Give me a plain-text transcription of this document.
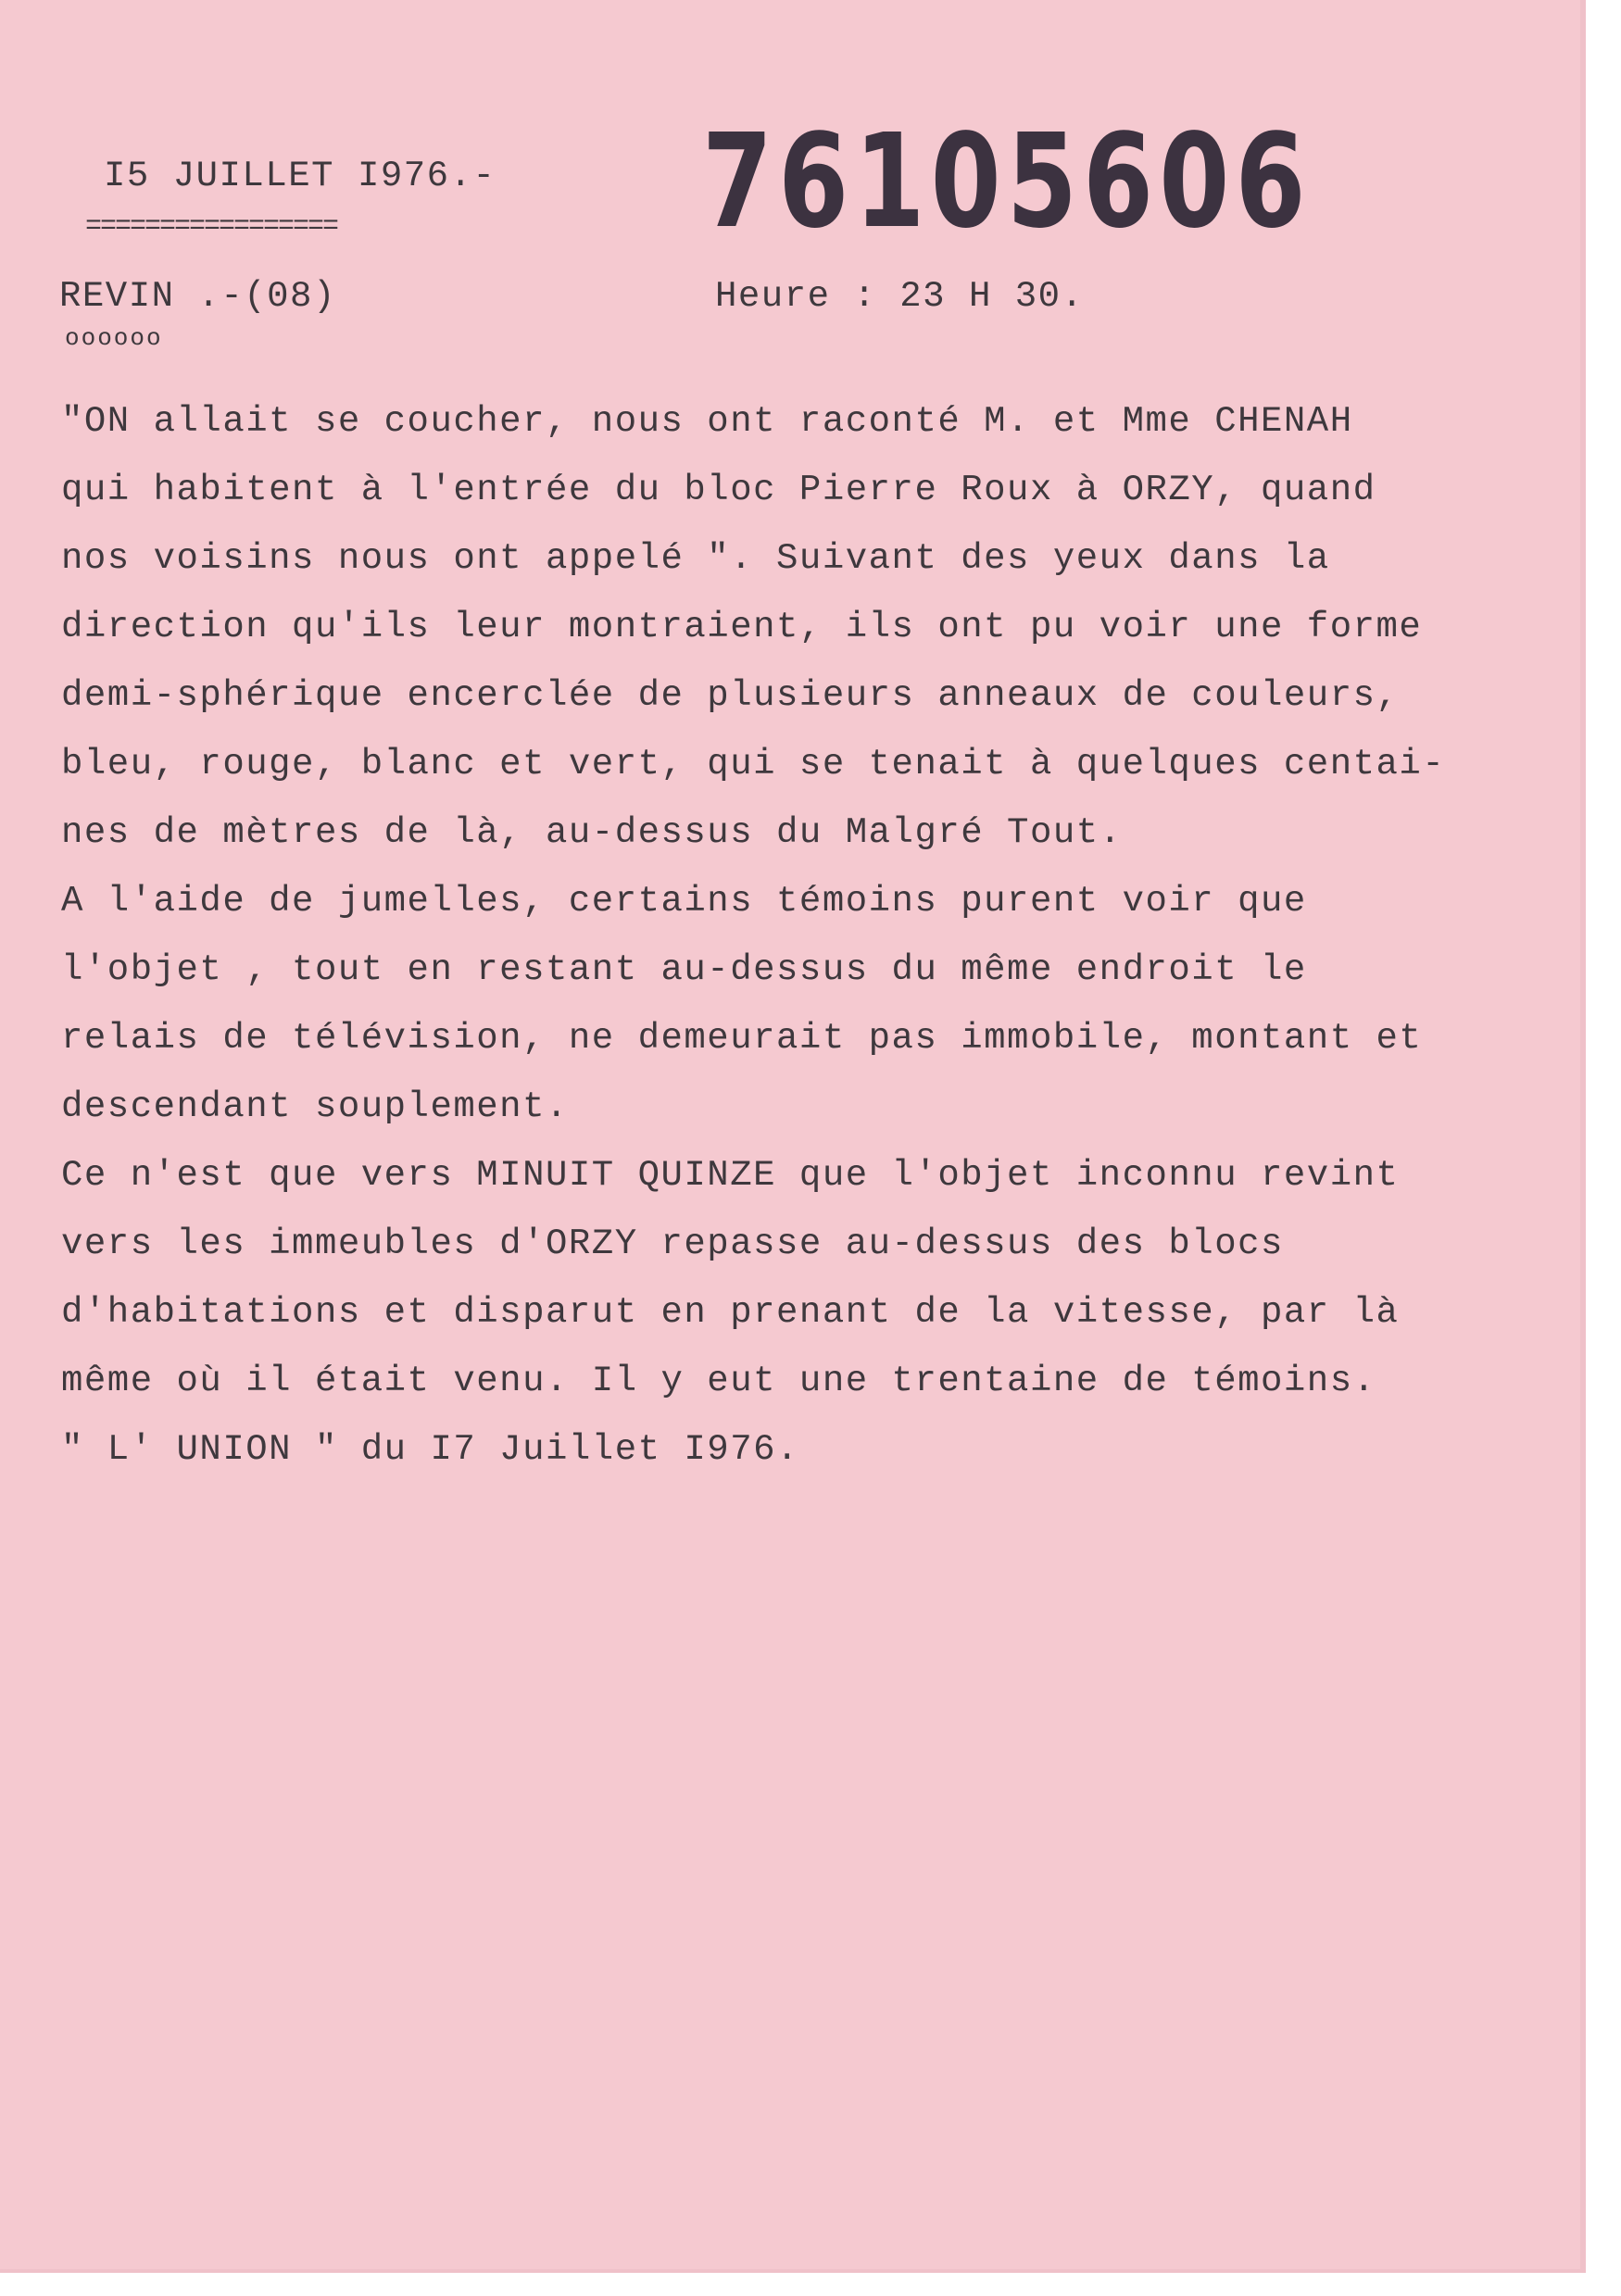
I5 JUILLET I976.-
=================	76105606
REVIN .-(08)
oooooo
Heure : 23 H 30.
"ON allait se coucher, nous ont raconté M. et Mme CHENAH
qui habitent à l'entrée du bloc Pierre Roux à ORZY, quand
nos voisins nous ont appelé ". Suivant des yeux dans la
direction qu'ils leur montraient, ils ont pu voir une forme
demi-sphérique encerclée de plusieurs anneaux de couleurs,
bleu, rouge, blanc et vert, qui se tenait à quelques centai-
nes de mètres de là, au-dessus du Malgré Tout.
A l'aide de jumelles, certains témoins purent voir que
l'objet , tout en restant au-dessus du même endroit le
relais de télévision, ne demeurait pas immobile, montant et
descendant souplement.
Ce n'est que vers MINUIT QUINZE que l'objet inconnu revint
vers les immeubles d'ORZY repasse au-dessus des blocs
d'habitations et disparut en prenant de la vitesse, par là
même où il était venu. Il y eut une trentaine de témoins.
" L' UNION " du I7 Juillet I976.
